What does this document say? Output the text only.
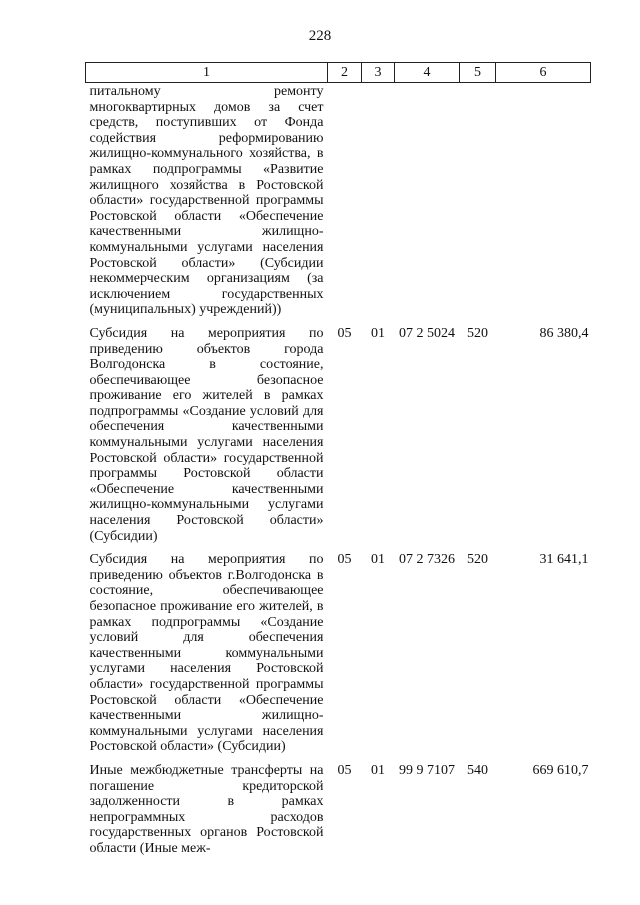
228
1	2	3	4	5	6
питальному ремонту многоквартирных домов за счет средств, поступивших от Фонда содействия реформированию жилищно-коммунального хозяйства, в рамках подпрограммы «Развитие жилищного хозяйства в Ростовской области» государственной программы Ростовской области «Обеспечение качественными жилищно-коммунальными услугами населения Ростовской области» (Субсидии некоммерческим организациям (за исключением государственных (муниципальных) учреждений))					
Субсидия на мероприятия по приведению объектов города Волгодонска в состояние, обеспечивающее безопасное проживание его жителей в рамках подпрограммы «Создание условий для обеспечения качественными коммунальными услугами населения Ростовской области» государственной программы Ростовской области «Обеспечение качественными жилищно-коммунальными услугами населения Ростовской области» (Субсидии)	05	01	07 2 5024	520	86 380,4
Субсидия на мероприятия по приведению объектов г.Волгодонска в состояние, обеспечивающее безопасное проживание его жителей, в рамках подпрограммы «Создание условий для обеспечения качественными коммунальными услугами населения Ростовской области» государственной программы Ростовской области «Обеспечение качественными жилищно-коммунальными услугами населения Ростовской области» (Субсидии)	05	01	07 2 7326	520	31 641,1
Иные межбюджетные трансферты на погашение кредиторской задолженности в рамках непрограммных расходов государственных органов Ростовской области (Иные меж-	05	01	99 9 7107	540	669 610,7
